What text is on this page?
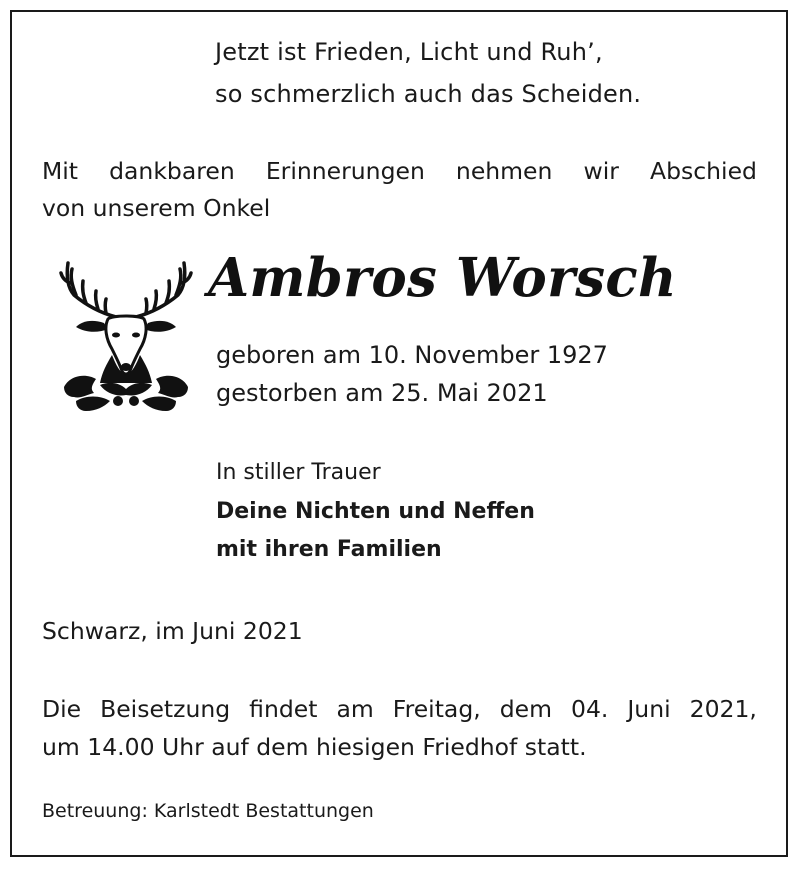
Jetzt ist Frieden, Licht und Ruh’,

so schmerzlich auch das Scheiden.

Mit dankbaren Erinnerungen nehmen wir Abschied

von unserem Onkel

Ambros Worsch

geboren am 10. November 1927

gestorben am 25. Mai 2021

In stiller Trauer

Deine Nichten und Neffen

mit ihren Familien

Schwarz, im Juni 2021

Die Beisetzung findet am Freitag, dem 04. Juni 2021,

um 14.00 Uhr auf dem hiesigen Friedhof statt.

Betreuung: Karlstedt Bestattungen
